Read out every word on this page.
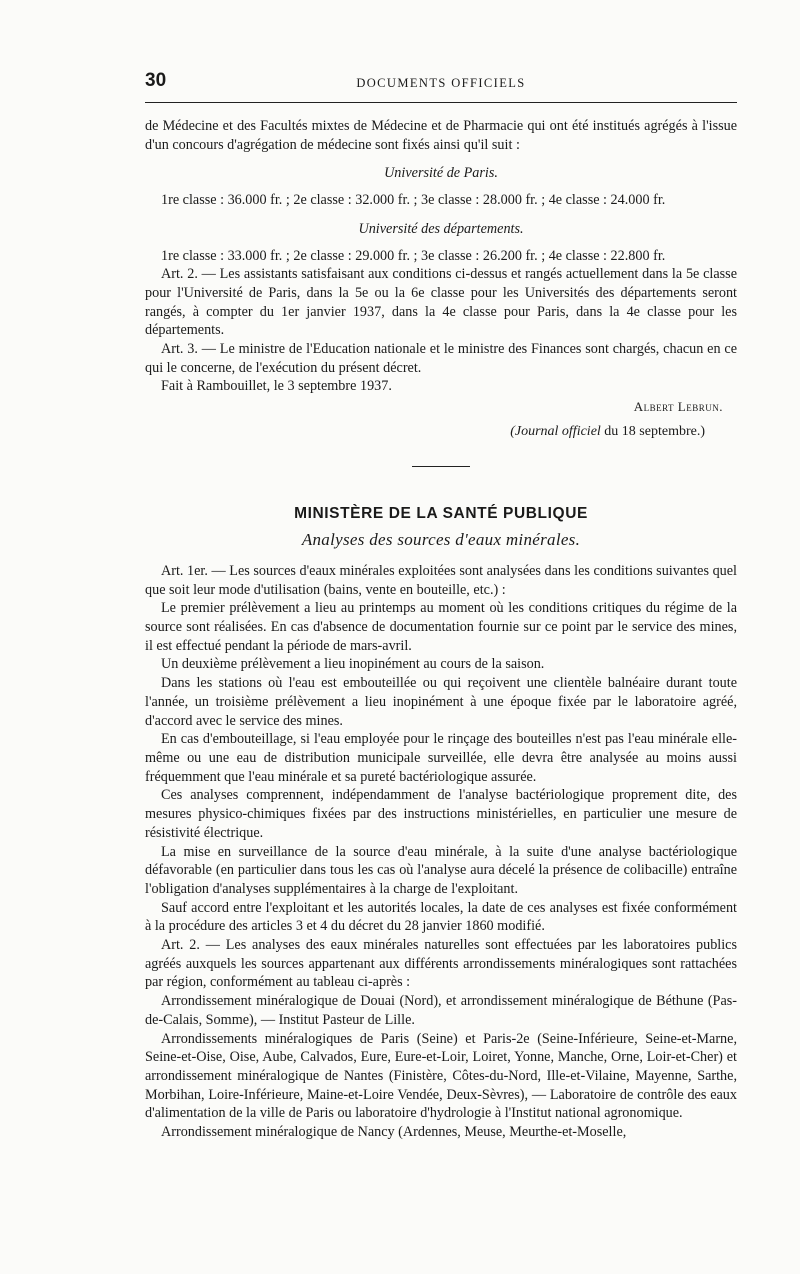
30	DOCUMENTS OFFICIELS

de Médecine et des Facultés mixtes de Médecine et de Pharmacie qui ont été institués agrégés à l'issue d'un concours d'agrégation de médecine sont fixés ainsi qu'il suit :

Université de Paris.

1re classe : 36.000 fr. ; 2e classe : 32.000 fr. ; 3e classe : 28.000 fr. ; 4e classe : 24.000 fr.

Université des départements.

1re classe : 33.000 fr. ; 2e classe : 29.000 fr. ; 3e classe : 26.200 fr. ; 4e classe : 22.800 fr.

Art. 2. — Les assistants satisfaisant aux conditions ci-dessus et rangés actuellement dans la 5e classe pour l'Université de Paris, dans la 5e ou la 6e classe pour les Universités des départements seront rangés, à compter du 1er janvier 1937, dans la 4e classe pour Paris, dans la 4e classe pour les départements.

Art. 3. — Le ministre de l'Education nationale et le ministre des Finances sont chargés, chacun en ce qui le concerne, de l'exécution du présent décret.

Fait à Rambouillet, le 3 septembre 1937.

Albert Lebrun.
(Journal officiel du 18 septembre.)
MINISTÈRE DE LA SANTÉ PUBLIQUE
Analyses des sources d'eaux minérales.

Art. 1er. — Les sources d'eaux minérales exploitées sont analysées dans les conditions suivantes quel que soit leur mode d'utilisation (bains, vente en bouteille, etc.) :

Le premier prélèvement a lieu au printemps au moment où les conditions critiques du régime de la source sont réalisées. En cas d'absence de documentation fournie sur ce point par le service des mines, il est effectué pendant la période de mars-avril.

Un deuxième prélèvement a lieu inopinément au cours de la saison.

Dans les stations où l'eau est embouteillée ou qui reçoivent une clientèle balnéaire durant toute l'année, un troisième prélèvement a lieu inopinément à une époque fixée par le laboratoire agréé, d'accord avec le service des mines.

En cas d'embouteillage, si l'eau employée pour le rinçage des bouteilles n'est pas l'eau minérale elle-même ou une eau de distribution municipale surveillée, elle devra être analysée au moins aussi fréquemment que l'eau minérale et sa pureté bactériologique assurée.

Ces analyses comprennent, indépendamment de l'analyse bactériologique proprement dite, des mesures physico-chimiques fixées par des instructions ministérielles, en particulier une mesure de résistivité électrique.

La mise en surveillance de la source d'eau minérale, à la suite d'une analyse bactériologique défavorable (en particulier dans tous les cas où l'analyse aura décelé la présence de colibacille) entraîne l'obligation d'analyses supplémentaires à la charge de l'exploitant.

Sauf accord entre l'exploitant et les autorités locales, la date de ces analyses est fixée conformément à la procédure des articles 3 et 4 du décret du 28 janvier 1860 modifié.

Art. 2. — Les analyses des eaux minérales naturelles sont effectuées par les laboratoires publics agréés auxquels les sources appartenant aux différents arrondissements minéralogiques sont rattachées par région, conformément au tableau ci-après :

Arrondissement minéralogique de Douai (Nord), et arrondissement minéralogique de Béthune (Pas-de-Calais, Somme), — Institut Pasteur de Lille.

Arrondissements minéralogiques de Paris (Seine) et Paris-2e (Seine-Inférieure, Seine-et-Marne, Seine-et-Oise, Oise, Aube, Calvados, Eure, Eure-et-Loir, Loiret, Yonne, Manche, Orne, Loir-et-Cher) et arrondissement minéralogique de Nantes (Finistère, Côtes-du-Nord, Ille-et-Vilaine, Mayenne, Sarthe, Morbihan, Loire-Inférieure, Maine-et-Loire Vendée, Deux-Sèvres), — Laboratoire de contrôle des eaux d'alimentation de la ville de Paris ou laboratoire d'hydrologie à l'Institut national agronomique.

Arrondissement minéralogique de Nancy (Ardennes, Meuse, Meurthe-et-Moselle,
